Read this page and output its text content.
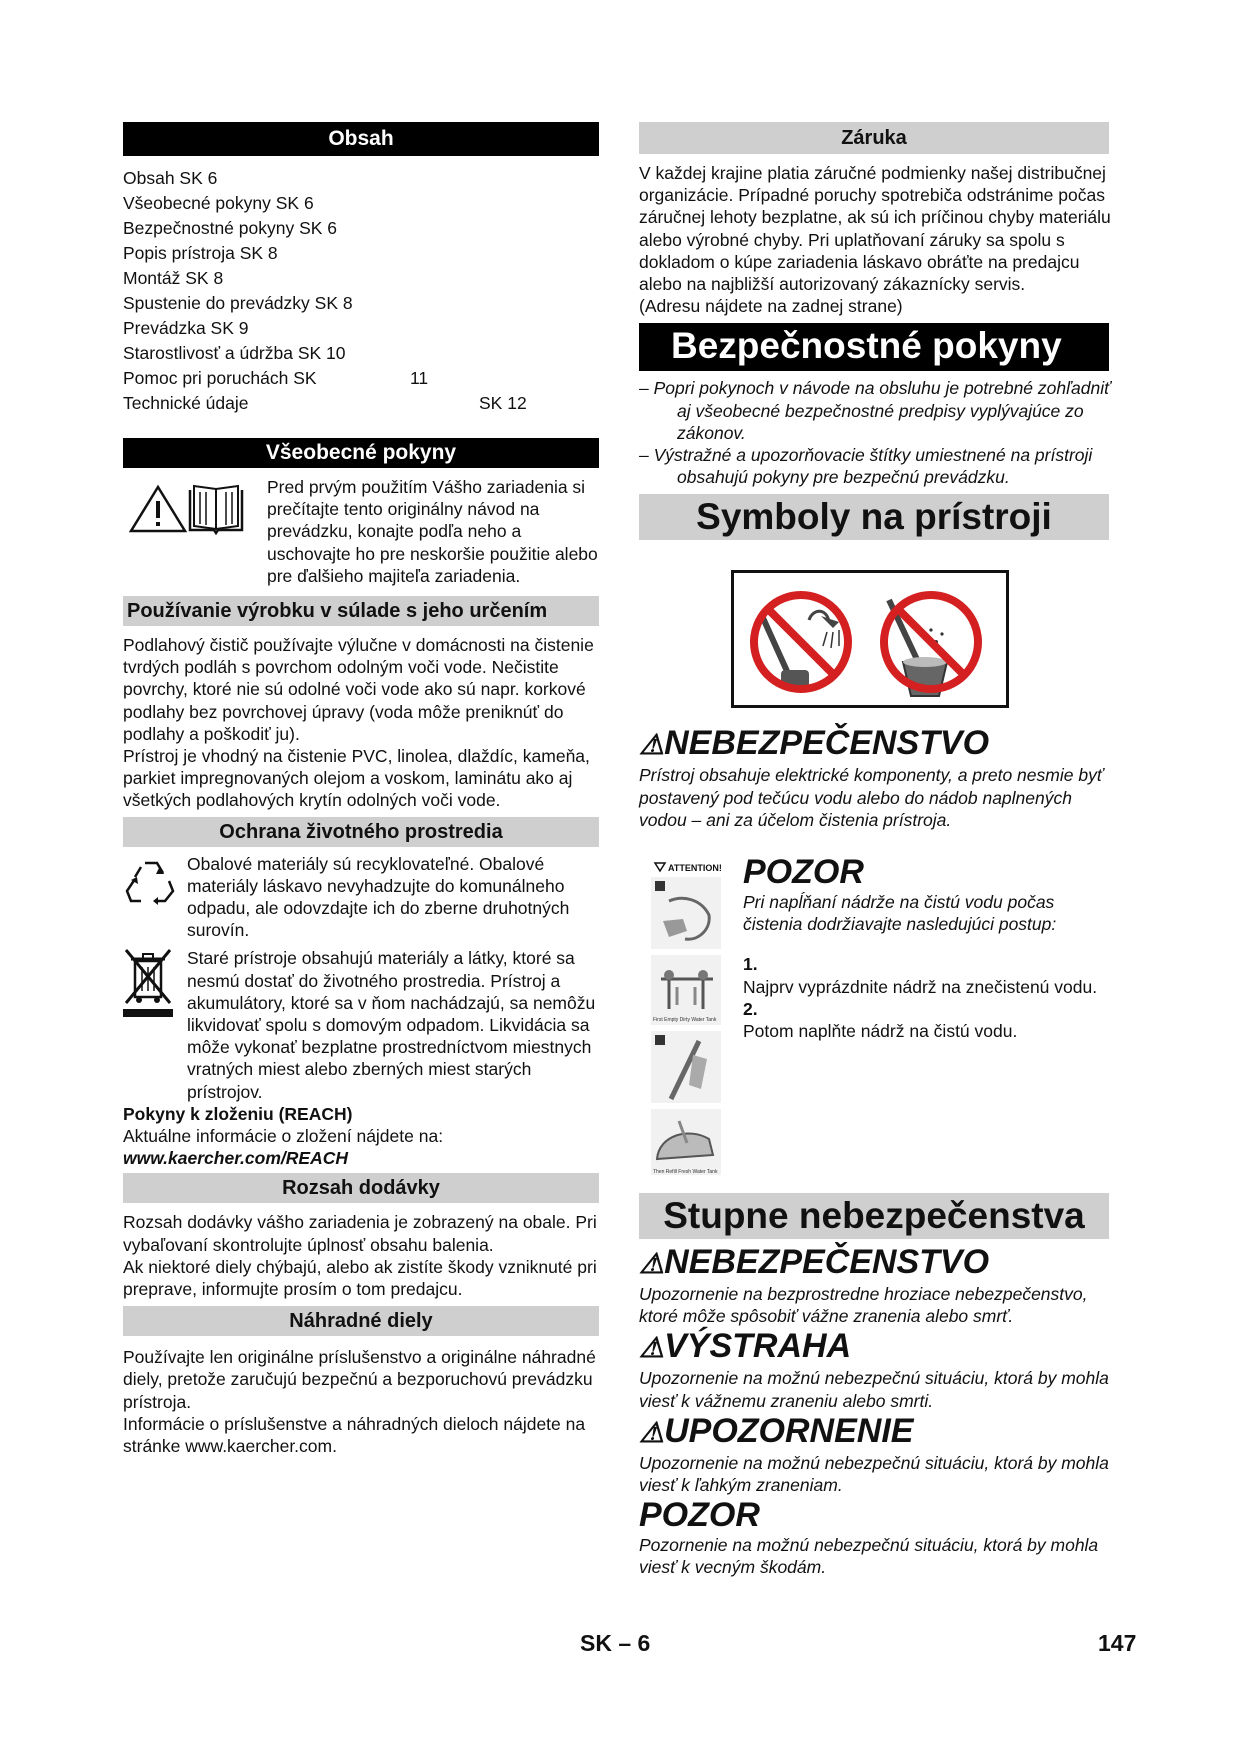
Obsah
Obsah SK 6
Všeobecné pokyny SK 6
Bezpečnostné pokyny SK 6
Popis prístroja SK 8
Montáž SK 8
Spustenie do prevádzky SK 8
Prevádzka SK 9
Starostlivosť a údržba SK 10
Pomoc pri poruchách SK	11
Technické údaje	SK 12
Všeobecné pokyny

Pred prvým použitím Vášho zariadenia si prečítajte tento originálny návod na prevádzku, konajte podľa neho a uschovajte ho pre neskoršie použitie alebo pre ďalšieho majiteľa zariadenia.

Používanie výrobku v súlade s jeho určením

Podlahový čistič používajte výlučne v domácnosti na čistenie tvrdých podláh s povrchom odolným voči vode. Nečistite povrchy, ktoré nie sú odolné voči vode ako sú napr. korkové podlahy bez povrchovej úpravy (voda môže preniknúť do podlahy a poškodiť ju).

Prístroj je vhodný na čistenie PVC, linolea, dlaždíc, kameňa, parkiet impregnovaných olejom a voskom, laminátu ako aj všetkých podlahových krytín odolných voči vode.

Ochrana životného prostredia

Obalové materiály sú recyklovateľné. Obalové materiály láskavo nevyhadzujte do komunálneho odpadu, ale odovzdajte ich do zberne druhotných surovín.

Staré prístroje obsahujú materiály a látky, ktoré sa nesmú dostať do životného prostredia. Prístroj a akumulátory, ktoré sa v ňom nachádzajú, sa nemôžu likvidovať spolu s domovým odpadom. Likvidácia sa môže vykonať bezplatne prostredníctvom miestnych vratných miest alebo zberných miest starých prístrojov.

Pokyny k zloženiu (REACH)

Aktuálne informácie o zložení nájdete na:

www.kaercher.com/REACH

Rozsah dodávky

Rozsah dodávky vášho zariadenia je zobrazený na obale. Pri vybaľovaní skontrolujte úplnosť obsahu balenia.

Ak niektoré diely chýbajú, alebo ak zistíte škody vzniknuté pri preprave, informujte prosím o tom predajcu.

Náhradné diely

Používajte len originálne príslušenstvo a originálne náhradné diely, pretože zaručujú bezpečnú a bezporuchovú prevádzku prístroja.

Informácie o príslušenstve a náhradných dieloch nájdete na stránke www.kaercher.com.

Záruka

V každej krajine platia záručné podmienky našej distribučnej organizácie. Prípadné poruchy spotrebiča odstránime počas záručnej lehoty bezplatne, ak sú ich príčinou chyby materiálu alebo výrobné chyby. Pri uplatňovaní záruky sa spolu s dokladom o kúpe zariadenia láskavo obráťte na predajcu alebo na najbližší autorizovaný zákaznícky servis.

(Adresu nájdete na zadnej strane)

Bezpečnostné pokyny

– Popri pokynoch v návode na obsluhu je potrebné zohľadniť aj všeobecné bezpečnostné predpisy vyplývajúce zo zákonov.

– Výstražné a upozorňovacie štítky umiestnené na prístroji obsahujú pokyny pre bezpečnú prevádzku.

Symboly na prístroji

⚠NEBEZPEČENSTVO

Prístroj obsahuje elektrické komponenty, a preto nesmie byť postavený pod tečúcu vodu alebo do nádob naplnených vodou – ani za účelom čistenia prístroja.

ATTENTION!
First Empty Dirty Water Tank
Then Refill Fresh Water Tank

POZOR

Pri napĺňaní nádrže na čistú vodu počas čistenia dodržiavajte nasledujúci postup:

1.

Najprv vyprázdnite nádrž na znečistenú vodu.

2.

Potom naplňte nádrž na čistú vodu.

Stupne nebezpečenstva

⚠NEBEZPEČENSTVO

Upozornenie na bezprostredne hroziace nebezpečenstvo, ktoré môže spôsobiť vážne zranenia alebo smrť.

⚠VÝSTRAHA

Upozornenie na možnú nebezpečnú situáciu, ktorá by mohla viesť k vážnemu zraneniu alebo smrti.

⚠UPOZORNENIE

Upozornenie na možnú nebezpečnú situáciu, ktorá by mohla viesť k ľahkým zraneniam.

POZOR

Pozornenie na možnú nebezpečnú situáciu, ktorá by mohla viesť k vecným škodám.

SK – 6	147
